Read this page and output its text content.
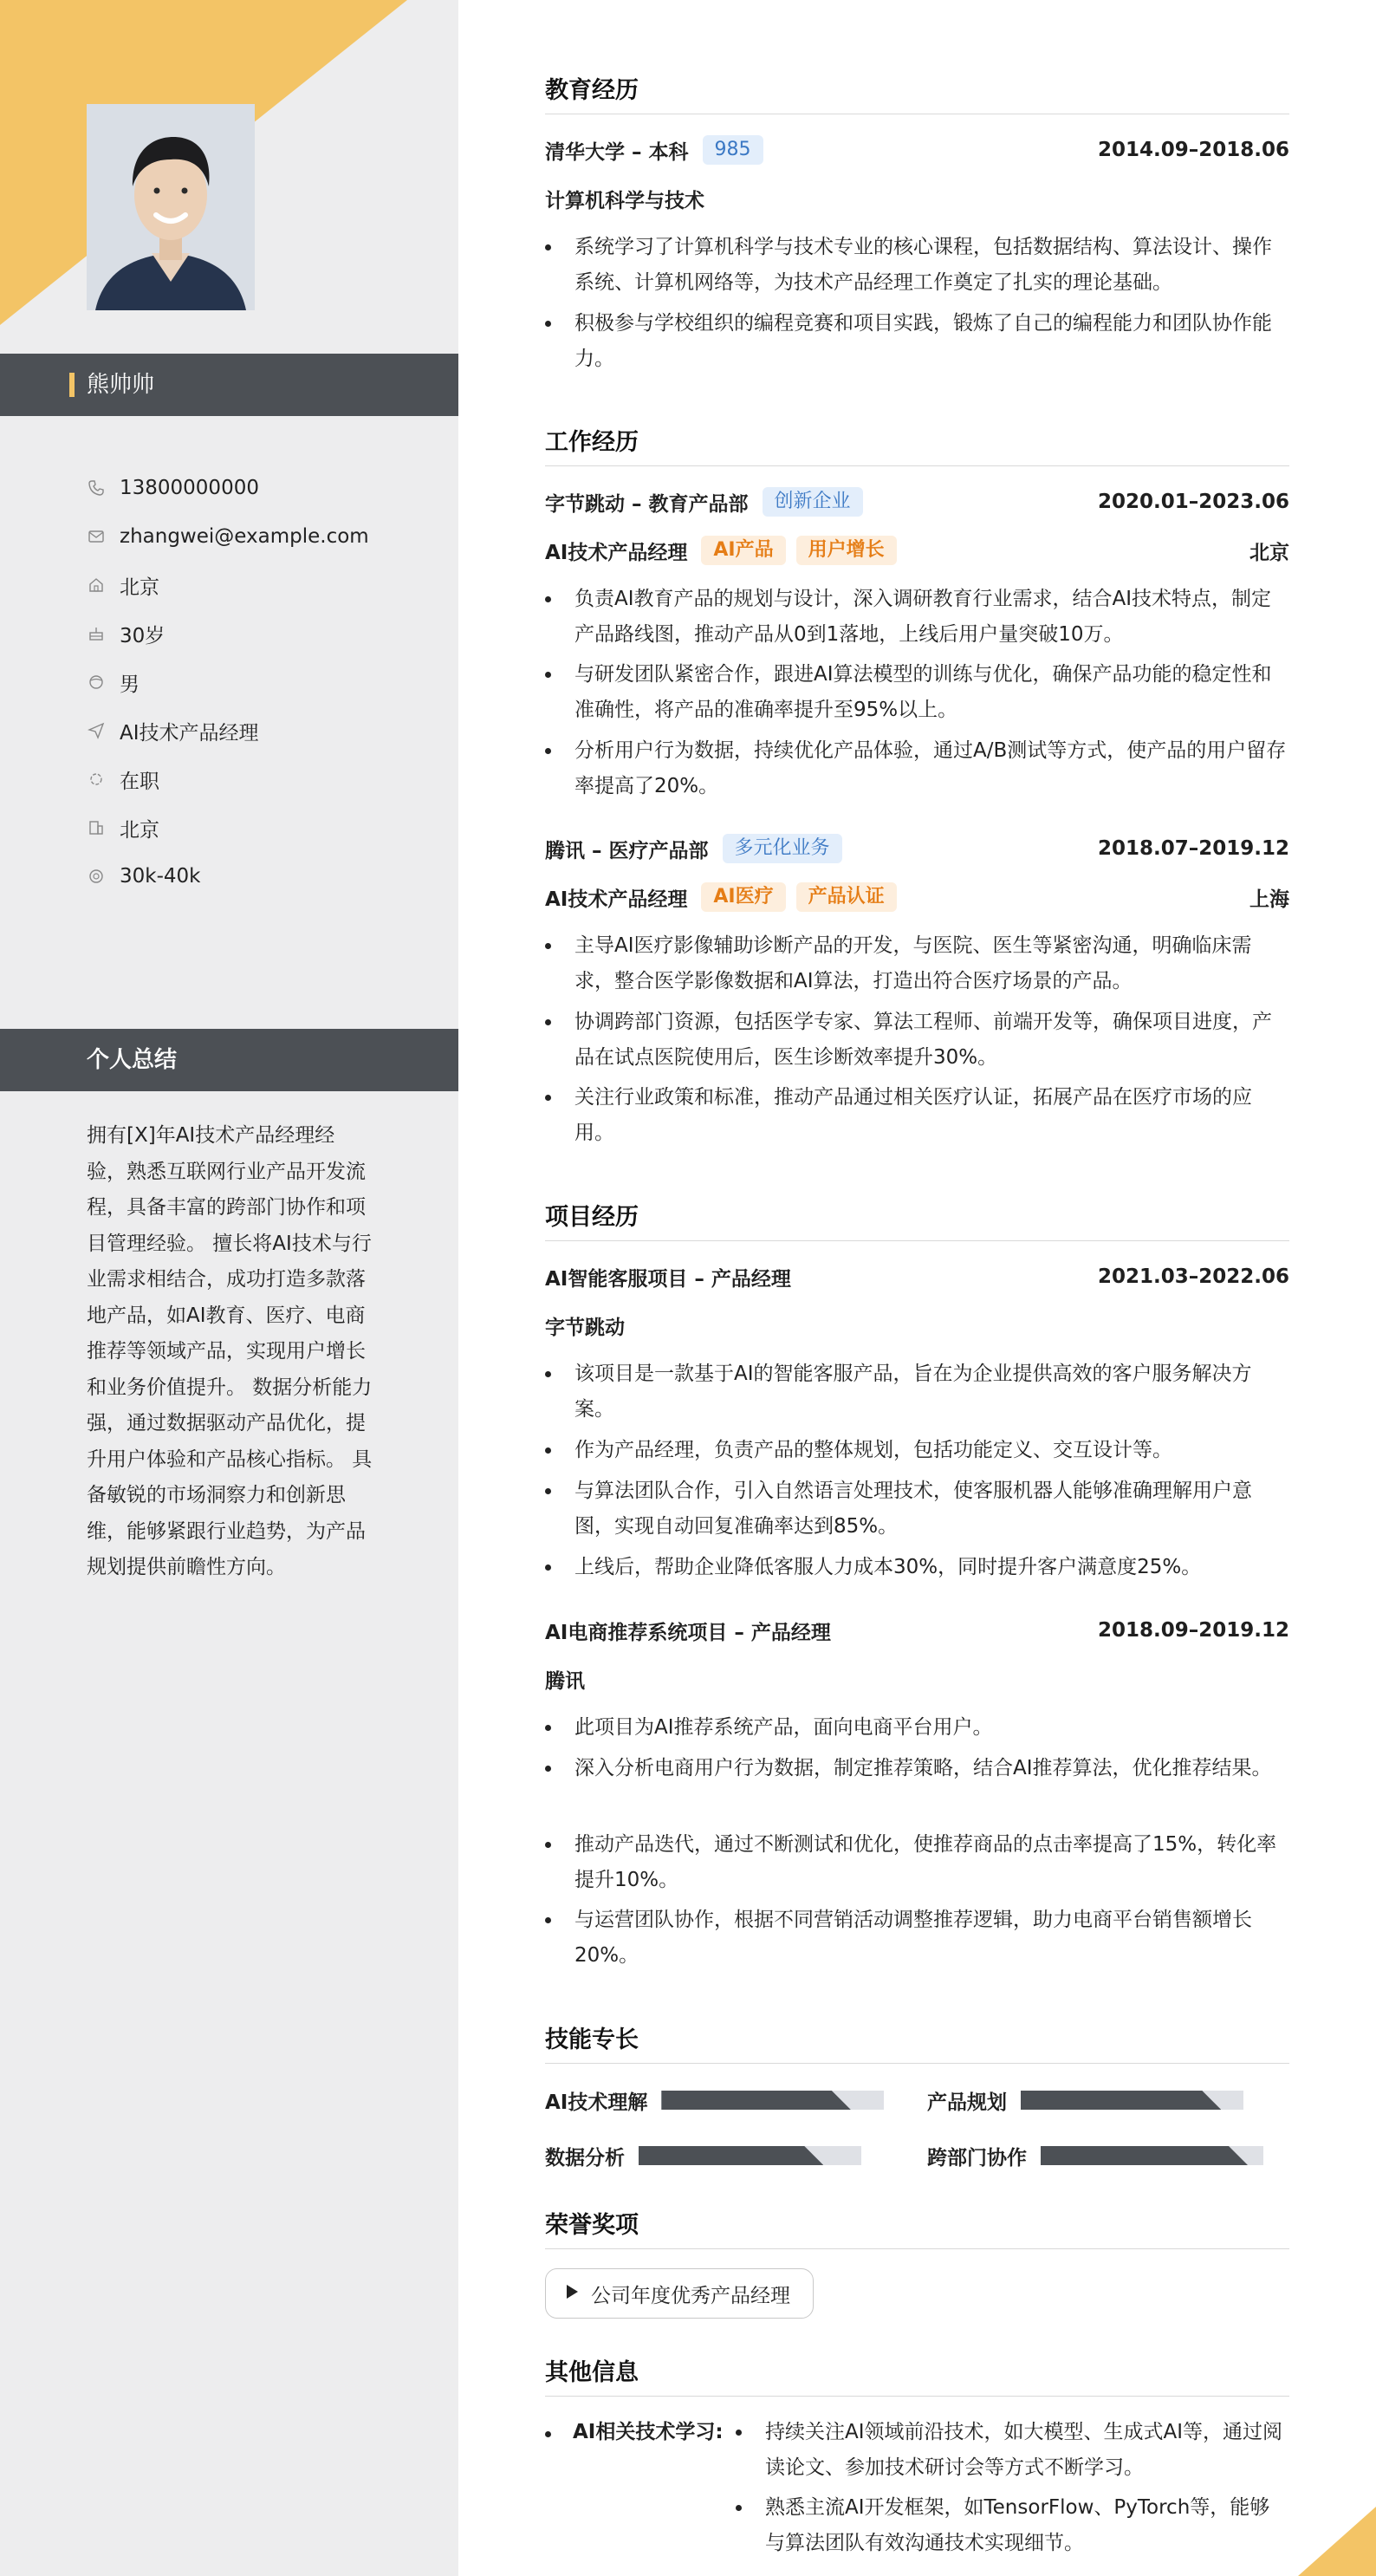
熊帅帅
13800000000
zhangwei@example.com
北京
30岁
男
AI技术产品经理
在职
北京
30k-40k
个人总结
拥有[X]年AI技术产品经理经验，熟悉互联网行业产品开发流程，具备丰富的跨部门协作和项目管理经验。 擅长将AI技术与行业需求相结合，成功打造多款落地产品，如AI教育、医疗、电商推荐等领域产品，实现用户增长和业务价值提升。 数据分析能力强，通过数据驱动产品优化，提升用户体验和产品核心指标。 具备敏锐的市场洞察力和创新思维，能够紧跟行业趋势，为产品规划提供前瞻性方向。
教育经历
清华大学 – 本科	985	2014.09–2018.06
计算机科学与技术
系统学习了计算机科学与技术专业的核心课程，包括数据结构、算法设计、操作系统、计算机网络等，为技术产品经理工作奠定了扎实的理论基础。
积极参与学校组织的编程竞赛和项目实践，锻炼了自己的编程能力和团队协作能力。
工作经历
字节跳动 – 教育产品部	创新企业	2020.01–2023.06
AI技术产品经理	AI产品	用户增长	北京
负责AI教育产品的规划与设计，深入调研教育行业需求，结合AI技术特点，制定产品路线图，推动产品从0到1落地，上线后用户量突破10万。
与研发团队紧密合作，跟进AI算法模型的训练与优化，确保产品功能的稳定性和准确性，将产品的准确率提升至95%以上。
分析用户行为数据，持续优化产品体验，通过A/B测试等方式，使产品的用户留存率提高了20%。
腾讯 – 医疗产品部	多元化业务	2018.07–2019.12
AI技术产品经理	AI医疗	产品认证	上海
主导AI医疗影像辅助诊断产品的开发，与医院、医生等紧密沟通，明确临床需求，整合医学影像数据和AI算法，打造出符合医疗场景的产品。
协调跨部门资源，包括医学专家、算法工程师、前端开发等，确保项目进度，产品在试点医院使用后，医生诊断效率提升30%。
关注行业政策和标准，推动产品通过相关医疗认证，拓展产品在医疗市场的应用。
项目经历
AI智能客服项目 – 产品经理	2021.03–2022.06
字节跳动
该项目是一款基于AI的智能客服产品，旨在为企业提供高效的客户服务解决方案。
作为产品经理，负责产品的整体规划，包括功能定义、交互设计等。
与算法团队合作，引入自然语言处理技术，使客服机器人能够准确理解用户意图，实现自动回复准确率达到85%。
上线后，帮助企业降低客服人力成本30%，同时提升客户满意度25%。
AI电商推荐系统项目 – 产品经理	2018.09–2019.12
腾讯
此项目为AI推荐系统产品，面向电商平台用户。
深入分析电商用户行为数据，制定推荐策略，结合AI推荐算法，优化推荐结果。
推动产品迭代，通过不断测试和优化，使推荐商品的点击率提高了15%，转化率提升10%。
与运营团队协作，根据不同营销活动调整推荐逻辑，助力电商平台销售额增长20%。
技能专长
AI技术理解	产品规划
数据分析	跨部门协作
荣誉奖项
公司年度优秀产品经理
其他信息
AI相关技术学习:	持续关注AI领域前沿技术，如大模型、生成式AI等，通过阅读论文、参加技术研讨会等方式不断学习。
熟悉主流AI开发框架，如TensorFlow、PyTorch等，能够与算法团队有效沟通技术实现细节。
